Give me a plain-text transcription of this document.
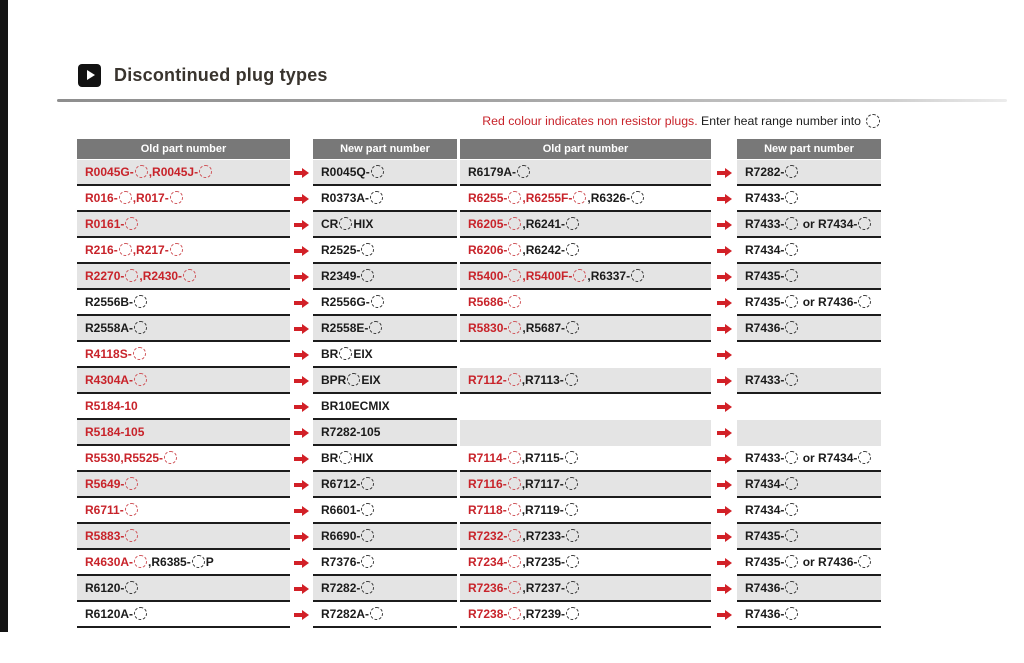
Discontinued plug types
Red colour indicates non resistor plugs. Enter heat range number into
Old part number	New part number
R0045G- ,R0045J-	R0045Q-
R016- ,R017-	R0373A-
R0161-	CR HIX
R216- ,R217-	R2525-
R2270- ,R2430-	R2349-
R2556B-	R2556G-
R2558A-	R2558E-
R4118S-	BR EIX
R4304A-	BPR EIX
R5184-10	BR10ECMIX
R5184-105	R7282-105
R5530,R5525-	BR HIX
R5649-	R6712-
R6711-	R6601-
R5883-	R6690-
R4630A- ,R6385- P	R7376-
R6120-	R7282-
R6120A-	R7282A-
Old part number	New part number
R6179A-	R7282-
R6255- ,R6255F- ,R6326-	R7433-
R6205- ,R6241-	R7433- or R7434-
R6206- ,R6242-	R7434-
R5400- ,R5400F- ,R6337-	R7435-
R5686-	R7435- or R7436-
R5830- ,R5687-	R7436-
R7112- ,R7113-	R7433-
R7114- ,R7115-	R7433- or R7434-
R7116- ,R7117-	R7434-
R7118- ,R7119-	R7434-
R7232- ,R7233-	R7435-
R7234- ,R7235-	R7435- or R7436-
R7236- ,R7237-	R7436-
R7238- ,R7239-	R7436-
